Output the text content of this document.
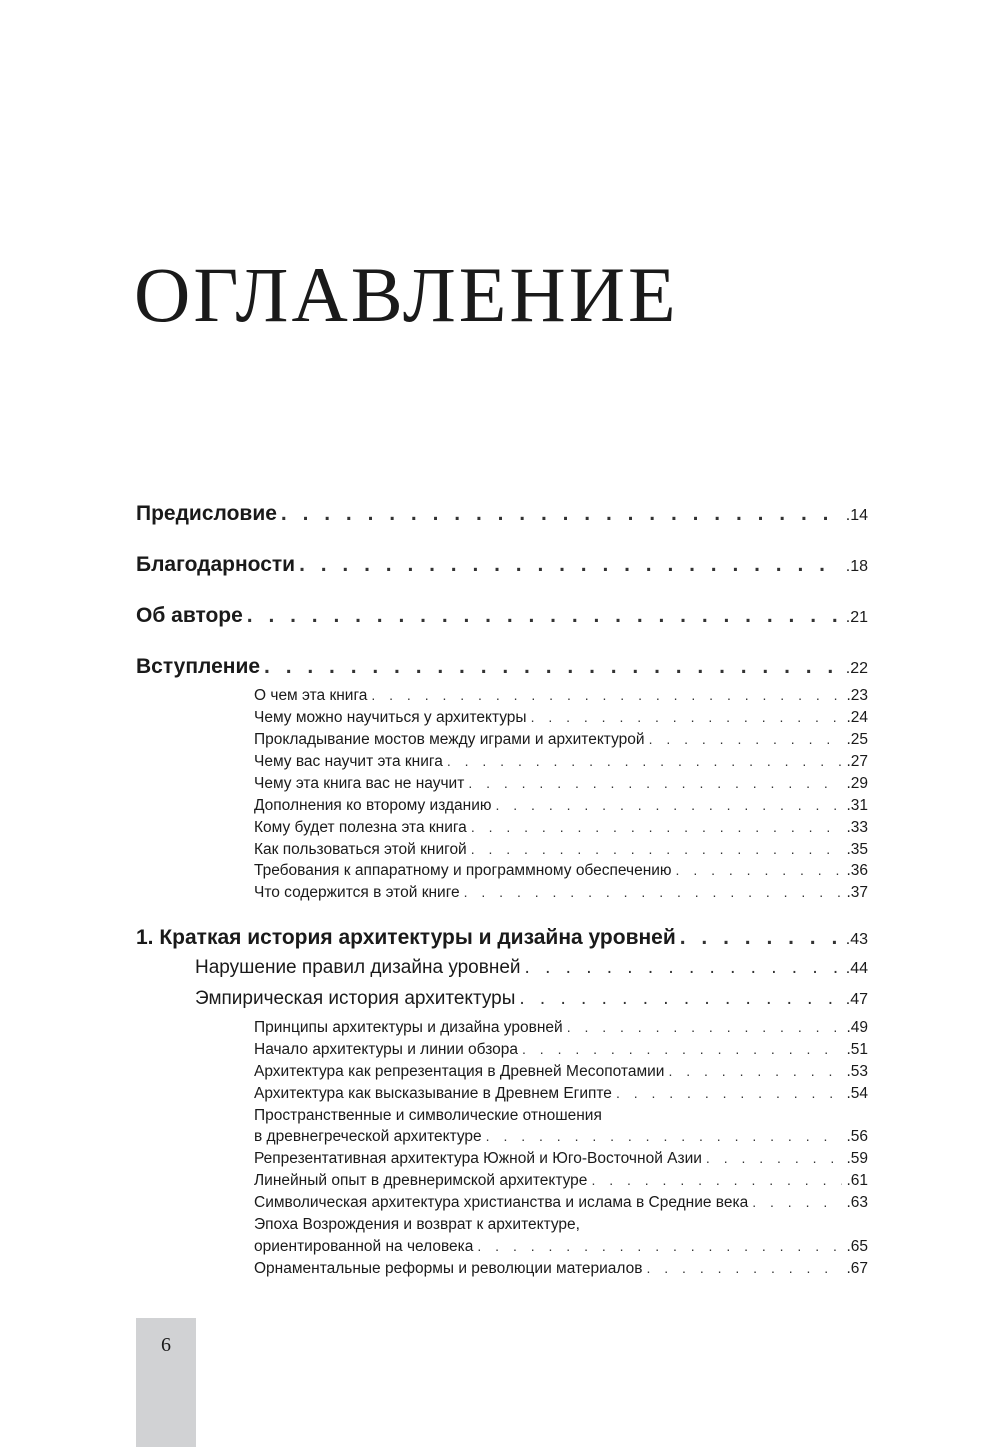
ОГЛАВЛЕНИЕ
Предисловие . . .	.14
Благодарности . . .	.18
Об авторе . . .	.21
Вступление . . .	.22
О чем эта книга . . .	.23
Чему можно научиться у архитектуры . . .	.24
Прокладывание мостов между играми и архитектурой . . .	.25
Чему вас научит эта книга . . .	.27
Чему эта книга вас не научит . . .	.29
Дополнения ко второму изданию . . .	.31
Кому будет полезна эта книга . . .	.33
Как пользоваться этой книгой . . .	.35
Требования к аппаратному и программному обеспечению . . .	.36
Что содержится в этой книге . . .	.37
1. Краткая история архитектуры и дизайна уровней . . .	.43
Нарушение правил дизайна уровней . . .	.44
Эмпирическая история архитектуры . . .	.47
Принципы архитектуры и дизайна уровней . . .	.49
Начало архитектуры и линии обзора . . .	.51
Архитектура как репрезентация в Древней Месопотамии . . .	.53
Архитектура как высказывание в Древнем Египте . . .	.54
Пространственные и символические отношения
в древнегреческой архитектуре . . .	.56
Репрезентативная архитектура Южной и Юго-Восточной Азии . . .	.59
Линейный опыт в древнеримской архитектуре . . .	.61
Символическая архитектура христианства и ислама в Средние века . . .	.63
Эпоха Возрождения и возврат к архитектуре,
ориентированной на человека . . .	.65
Орнаментальные реформы и революции материалов . . .	.67
6
